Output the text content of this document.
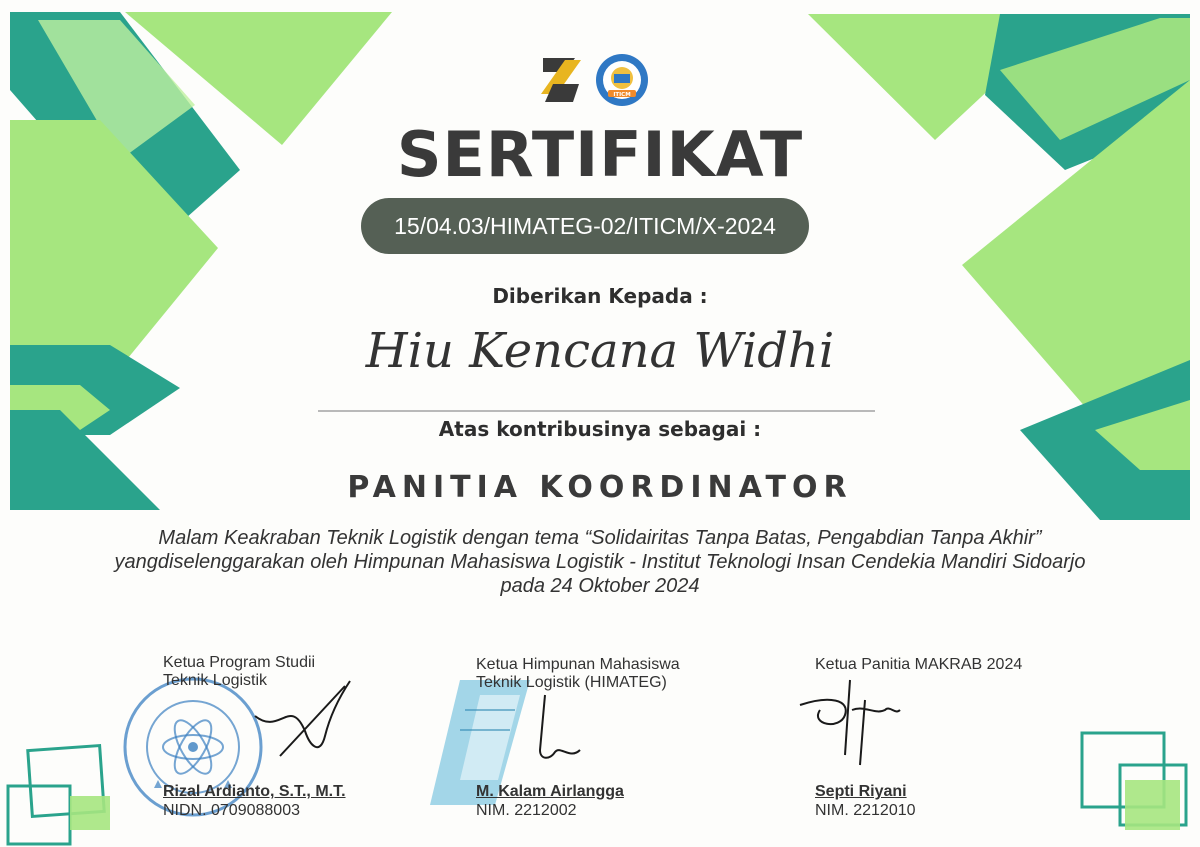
ITICM
SERTIFIKAT
15/04.03/HIMATEG-02/ITICM/X-2024
Diberikan Kepada :
Hiu Kencana Widhi
Atas kontribusinya sebagai :
PANITIA KOORDINATOR
Malam Keakraban Teknik Logistik dengan tema “Solidairitas Tanpa Batas, Pengabdian Tanpa Akhir”
yangdiselenggarakan oleh Himpunan Mahasiswa Logistik - Institut Teknologi Insan Cendekia Mandiri Sidoarjo
pada 24 Oktober 2024
Ketua Program Studii
Teknik Logistik
Rizal Ardianto, S.T., M.T.
NIDN. 0709088003
Ketua Himpunan Mahasiswa
Teknik Logistik (HIMATEG)
M. Kalam Airlangga
NIM. 2212002
Ketua Panitia MAKRAB 2024
Septi Riyani
NIM. 2212010
